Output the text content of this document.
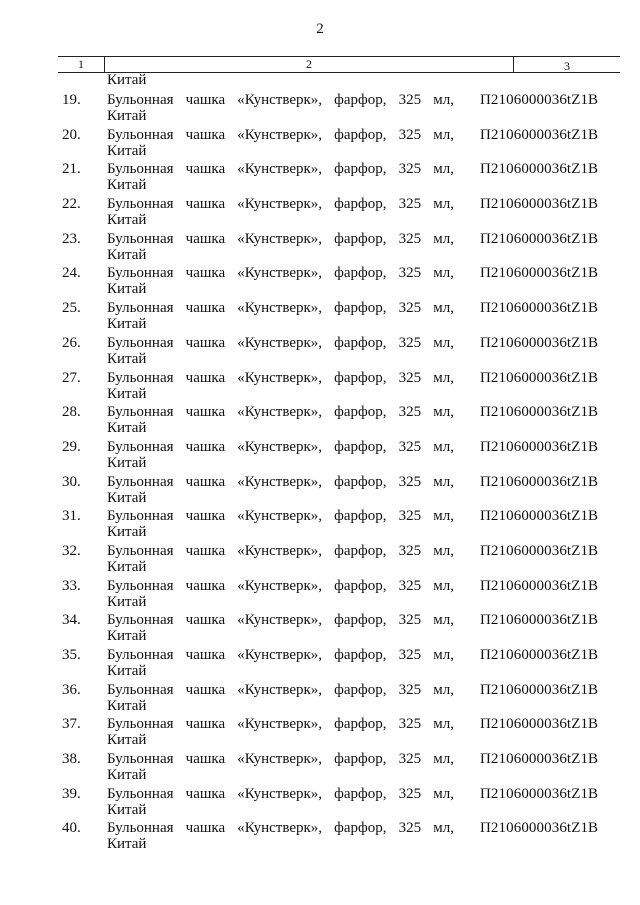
2
1	2	3
Китай
19. Бульонная чашка «Кунстверк», фарфор, 325 мл,
Китай
П2106000036tZ1B
20. Бульонная чашка «Кунстверк», фарфор, 325 мл,
Китай
П2106000036tZ1B
21. Бульонная чашка «Кунстверк», фарфор, 325 мл,
Китай
П2106000036tZ1B
22. Бульонная чашка «Кунстверк», фарфор, 325 мл,
Китай
П2106000036tZ1B
23. Бульонная чашка «Кунстверк», фарфор, 325 мл,
Китай
П2106000036tZ1B
24. Бульонная чашка «Кунстверк», фарфор, 325 мл,
Китай
П2106000036tZ1B
25. Бульонная чашка «Кунстверк», фарфор, 325 мл,
Китай
П2106000036tZ1B
26. Бульонная чашка «Кунстверк», фарфор, 325 мл,
Китай
П2106000036tZ1B
27. Бульонная чашка «Кунстверк», фарфор, 325 мл,
Китай
П2106000036tZ1B
28. Бульонная чашка «Кунстверк», фарфор, 325 мл,
Китай
П2106000036tZ1B
29. Бульонная чашка «Кунстверк», фарфор, 325 мл,
Китай
П2106000036tZ1B
30. Бульонная чашка «Кунстверк», фарфор, 325 мл,
Китай
П2106000036tZ1B
31. Бульонная чашка «Кунстверк», фарфор, 325 мл,
Китай
П2106000036tZ1B
32. Бульонная чашка «Кунстверк», фарфор, 325 мл,
Китай
П2106000036tZ1B
33. Бульонная чашка «Кунстверк», фарфор, 325 мл,
Китай
П2106000036tZ1B
34. Бульонная чашка «Кунстверк», фарфор, 325 мл,
Китай
П2106000036tZ1B
35. Бульонная чашка «Кунстверк», фарфор, 325 мл,
Китай
П2106000036tZ1B
36. Бульонная чашка «Кунстверк», фарфор, 325 мл,
Китай
П2106000036tZ1B
37. Бульонная чашка «Кунстверк», фарфор, 325 мл,
Китай
П2106000036tZ1B
38. Бульонная чашка «Кунстверк», фарфор, 325 мл,
Китай
П2106000036tZ1B
39. Бульонная чашка «Кунстверк», фарфор, 325 мл,
Китай
П2106000036tZ1B
40. Бульонная чашка «Кунстверк», фарфор, 325 мл,
Китай
П2106000036tZ1B
